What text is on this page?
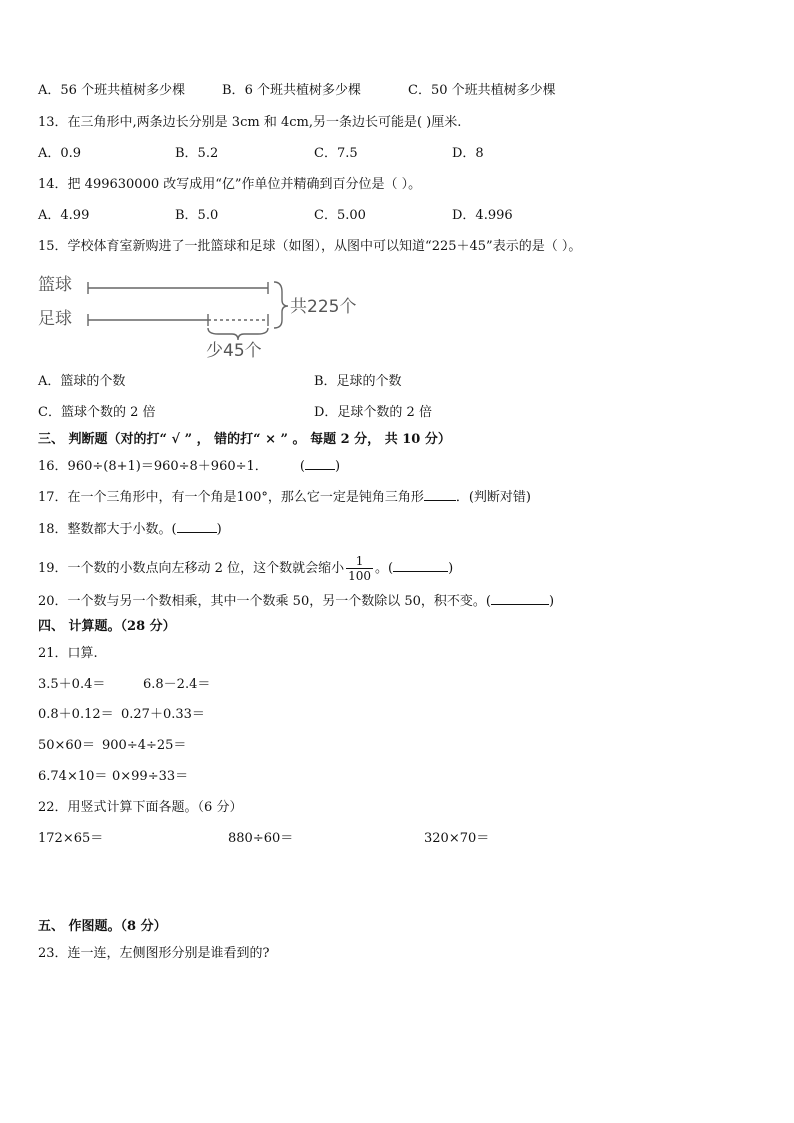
A．56 个班共植树多少棵	B．6 个班共植树多少棵	C．50 个班共植树多少棵
13．在三角形中,两条边长分别是 3cm 和 4cm,另一条边长可能是( )厘米.
A．0.9	B．5.2	C．7.5	D．8
14．把 499630000 改写成用“亿”作单位并精确到百分位是（ ）。
A．4.99	B．5.0	C．5.00	D．4.996
15．学校体育室新购进了一批篮球和足球（如图），从图中可以知道“225＋45”表示的是（ ）。
篮球
足球
共225个
少45个
A．篮球的个数	B．足球的个数
C．篮球个数的 2 倍	D．足球个数的 2 倍
三、 判断题（对的打“ √ ” ， 错的打“ × ” 。 每题 2 分， 共 10 分）
16．960÷(8+1)＝960÷8＋960÷1． ( )
17．在一个三角形中，有一个角是100°，那么它一定是钝角三角形 ．(判断对错)
18．整数都大于小数。(	)
19．一个数的小数点向左移动 2 位，这个数就会缩小 $\frac{1}{100}$ 。(	)
20．一个数与另一个数相乘，其中一个数乘 50，另一个数除以 50，积不变。(	)
四、 计算题。（28 分）
21．口算.
3.5＋0.4＝	6.8－2.4＝
0.8＋0.12＝ 0.27＋0.33＝
50×60＝ 900÷4÷25＝
6.74×10＝ 0×99÷33＝
22．用竖式计算下面各题。（6 分）
172×65＝	880÷60＝	320×70＝
五、 作图题。（8 分）
23．连一连，左侧图形分别是谁看到的?
